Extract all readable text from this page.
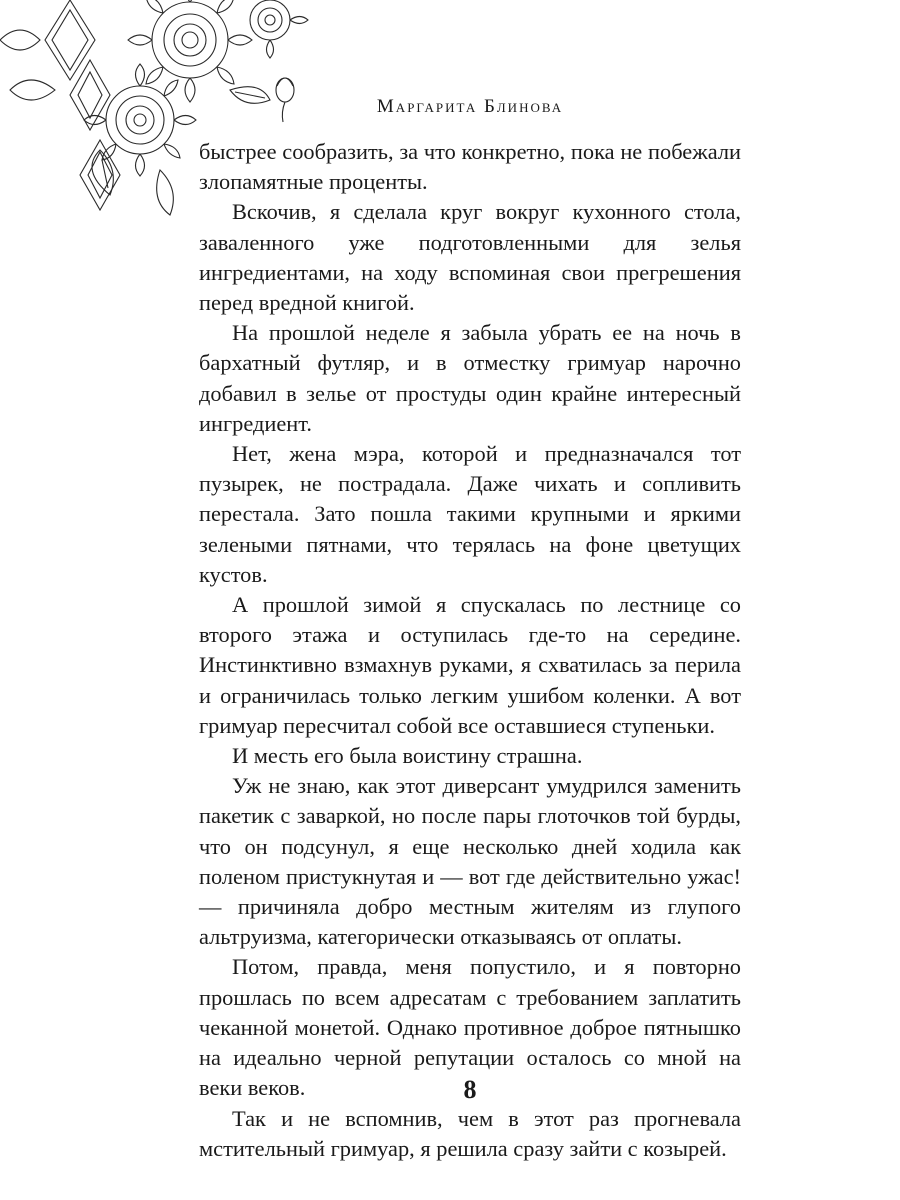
Маргарита Блинова

быстрее сообразить, за что конкретно, пока не побежали злопамятные проценты.

Вскочив, я сделала круг вокруг кухонного стола, заваленного уже подготовленными для зелья ингредиентами, на ходу вспоминая свои прегрешения перед вредной книгой.

На прошлой неделе я забыла убрать ее на ночь в бархатный футляр, и в отместку гримуар нарочно добавил в зелье от простуды один крайне интересный ингредиент.

Нет, жена мэра, которой и предназначался тот пузырек, не пострадала. Даже чихать и сопливить перестала. Зато пошла такими крупными и яркими зелеными пятнами, что терялась на фоне цветущих кустов.

А прошлой зимой я спускалась по лестнице со второго этажа и оступилась где-то на середине. Инстинктивно взмахнув руками, я схватилась за перила и ограничилась только легким ушибом коленки. А вот гримуар пересчитал собой все оставшиеся ступеньки.

И месть его была воистину страшна.

Уж не знаю, как этот диверсант умудрился заменить пакетик с заваркой, но после пары глоточков той бурды, что он подсунул, я еще несколько дней ходила как поленом пристукнутая и — вот где действительно ужас! — причиняла добро местным жителям из глупого альтруизма, категорически отказываясь от оплаты.

Потом, правда, меня попустило, и я повторно прошлась по всем адресатам с требованием заплатить чеканной монетой. Однако противное доброе пятнышко на идеально черной репутации осталось со мной на веки веков.

Так и не вспомнив, чем в этот раз прогневала мстительный гримуар, я решила сразу зайти с козырей.

8
